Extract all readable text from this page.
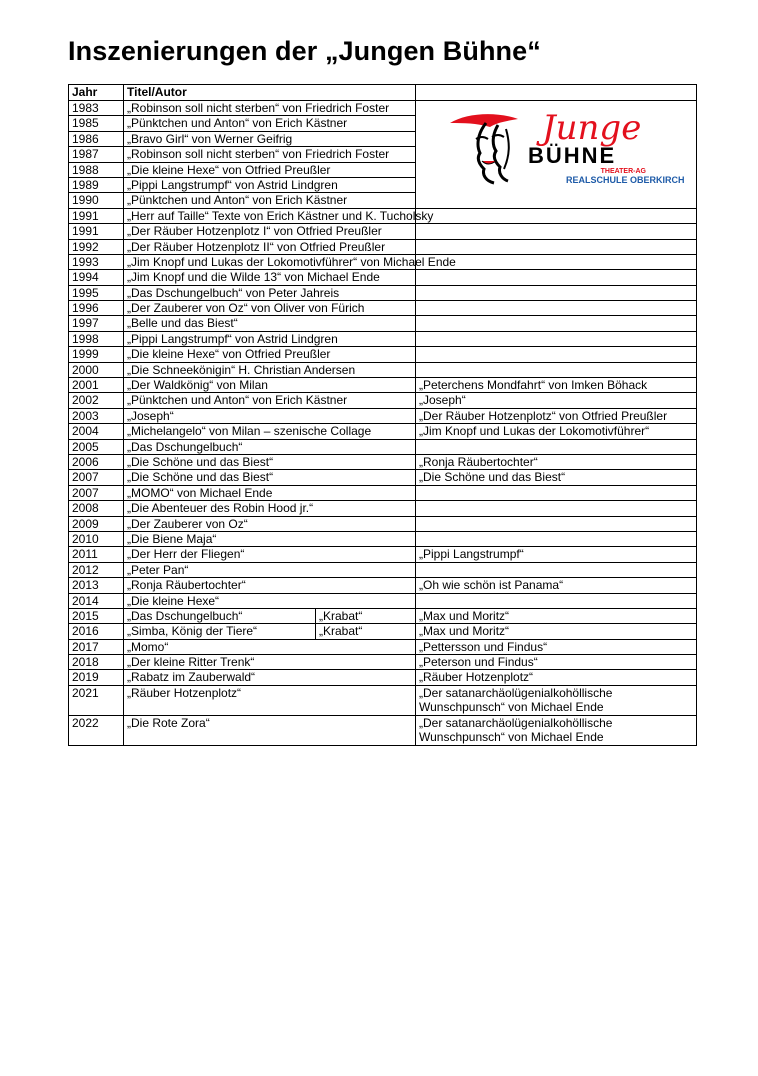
Inszenierungen der „Jungen Bühne“
Jahr	Titel/Autor		
1983	„Robinson soll nicht sterben“ von Friedrich Foster		Junge
BÜHNE
THEATER-AG
REALSCHULE OBERKIRCH

1985	„Pünktchen und Anton“ von Erich Kästner		
1986	„Bravo Girl“ von Werner Geifrig		
1987	„Robinson soll nicht sterben“ von Friedrich Foster		
1988	„Die kleine Hexe“ von Otfried Preußler		
1989	„Pippi Langstrumpf“ von Astrid Lindgren		
1990	„Pünktchen und Anton“ von Erich Kästner		
1991	„Herr auf Taille“ Texte von Erich Kästner und K. Tucholsky		
1991	„Der Räuber Hotzenplotz I“ von Otfried Preußler		
1992	„Der Räuber Hotzenplotz II“ von Otfried Preußler		
1993	„Jim Knopf und Lukas der Lokomotivführer“ von Michael Ende		
1994	„Jim Knopf und die Wilde 13“ von Michael Ende		
1995	„Das Dschungelbuch“ von Peter Jahreis		
1996	„Der Zauberer von Oz“ von Oliver von Fürich		
1997	„Belle und das Biest“		
1998	„Pippi Langstrumpf“ von Astrid Lindgren		
1999	„Die kleine Hexe“ von Otfried Preußler		
2000	„Die Schneekönigin“ H. Christian Andersen		
2001	„Der Waldkönig“ von Milan		„Peterchens Mondfahrt“ von Imken Böhack
2002	„Pünktchen und Anton“ von Erich Kästner		„Joseph“
2003	„Joseph“		„Der Räuber Hotzenplotz“ von Otfried Preußler
2004	„Michelangelo“ von Milan – szenische Collage		„Jim Knopf und Lukas der Lokomotivführer“
2005	„Das Dschungelbuch“		
2006	„Die Schöne und das Biest“		„Ronja Räubertochter“
2007	„Die Schöne und das Biest“		„Die Schöne und das Biest“
2007	„MOMO“ von Michael Ende		
2008	„Die Abenteuer des Robin Hood jr.“		
2009	„Der Zauberer von Oz“		
2010	„Die Biene Maja“		
2011	„Der Herr der Fliegen“		„Pippi Langstrumpf“
2012	„Peter Pan“		
2013	„Ronja Räubertochter“		„Oh wie schön ist Panama“
2014	„Die kleine Hexe“		
2015	„Das Dschungelbuch“	„Krabat“	„Max und Moritz“
2016	„Simba, König der Tiere“	„Krabat“	„Max und Moritz“
2017	„Momo“		„Pettersson und Findus“
2018	„Der kleine Ritter Trenk“		„Peterson und Findus“
2019	„Rabatz im Zauberwald“		„Räuber Hotzenplotz“
2021	„Räuber Hotzenplotz“		„Der satanarchäolügenialkohöllische Wunschpunsch“ von Michael Ende
2022	„Die Rote Zora“		„Der satanarchäolügenialkohöllische Wunschpunsch“ von Michael Ende
